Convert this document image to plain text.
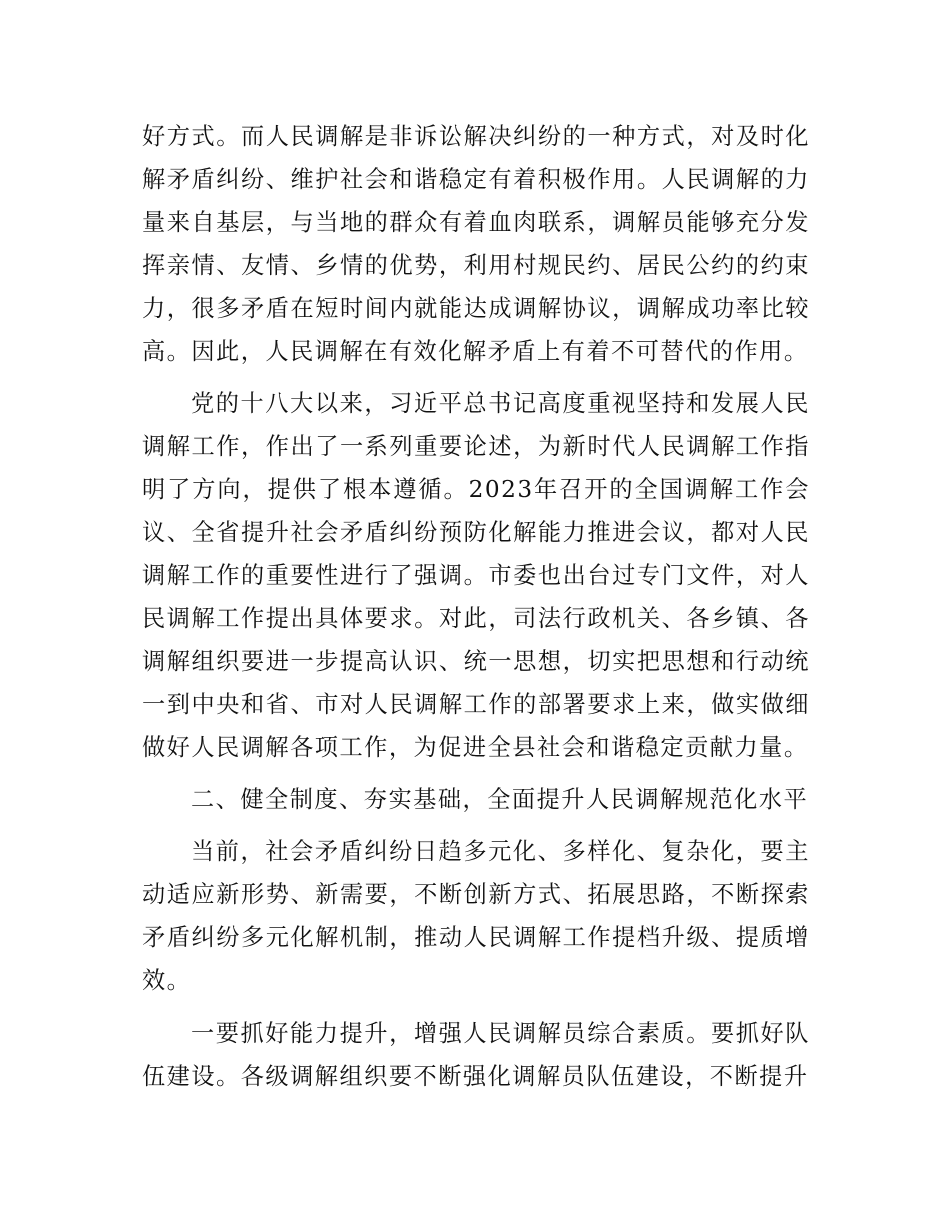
好方式。而人民调解是非诉讼解决纠纷的一种方式，对及时化解矛盾纠纷、维护社会和谐稳定有着积极作用。人民调解的力量来自基层，与当地的群众有着血肉联系，调解员能够充分发挥亲情、友情、乡情的优势，利用村规民约、居民公约的约束力，很多矛盾在短时间内就能达成调解协议，调解成功率比较高。因此，人民调解在有效化解矛盾上有着不可替代的作用。

党的十八大以来，习近平总书记高度重视坚持和发展人民调解工作，作出了一系列重要论述，为新时代人民调解工作指明了方向，提供了根本遵循。2023年召开的全国调解工作会议、全省提升社会矛盾纠纷预防化解能力推进会议，都对人民调解工作的重要性进行了强调。市委也出台过专门文件，对人民调解工作提出具体要求。对此，司法行政机关、各乡镇、各调解组织要进一步提高认识、统一思想，切实把思想和行动统一到中央和省、市对人民调解工作的部署要求上来，做实做细做好人民调解各项工作，为促进全县社会和谐稳定贡献力量。

二、健全制度、夯实基础，全面提升人民调解规范化水平

当前，社会矛盾纠纷日趋多元化、多样化、复杂化，要主动适应新形势、新需要，不断创新方式、拓展思路，不断探索矛盾纠纷多元化解机制，推动人民调解工作提档升级、提质增效。

一要抓好能力提升，增强人民调解员综合素质。要抓好队伍建设。各级调解组织要不断强化调解员队伍建设，不断提升
